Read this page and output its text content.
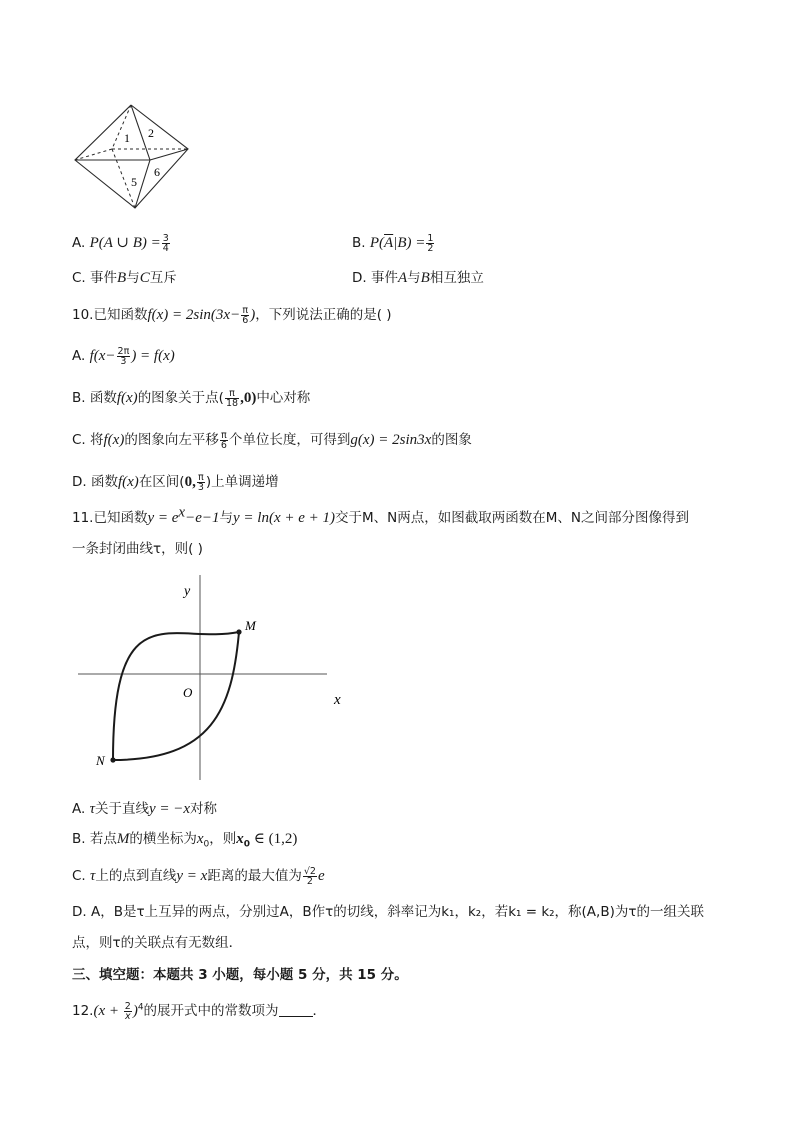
1 2
5
6
A. P(A ∪ $B) = \frac{3}{4}$	B. $P(\overline{A}|B) = \frac{1}{2}$
C. 事件B与C互斥	D. 事件A与B相互独立
10.已知函数$f(x) = 2\sin(3x- \frac{\pi}{6}$ )，下列说法正确的是( )
A. $f(x- \frac{2\pi}{3}$ ) = f(x)
B. 函数f(x)的图象关于点( $\frac{\pi}{18} ,0$)中心对称
C. 将f(x)的图象向左平移 $\frac{\pi}{6}$ 个单位长度，可得到g(x) = 2sin3x的图象
D. 函数f(x)在区间(0, $\frac{\pi}{3}$ )上单调递增
11.已知函数$y = e^x-e-1$与y = ln(x + e + 1)交于M、N两点，如图截取两函数在M、N之间部分图像得到
一条封闭曲线τ，则( )
y
x
O
M
N
A. τ关于直线y = −x对称
B. 若点M的横坐标为$x_0$，则$x_0$ ∈ (1,2)
C. τ上的点到直线y = x距离的最大值为 $\frac{√2}{2}$ e
D. A，B是τ上互异的两点，分别过A，B作τ的切线，斜率记为k₁，k₂，若k₁ = k₂，称(A,B)为τ的一组关联
点，则τ的关联点有无数组．
三、填空题：本题共 3 小题，每小题 5 分，共 15 分。
$12.(x + \frac{2}{x} )^4$的展开式中的常数项为	．
